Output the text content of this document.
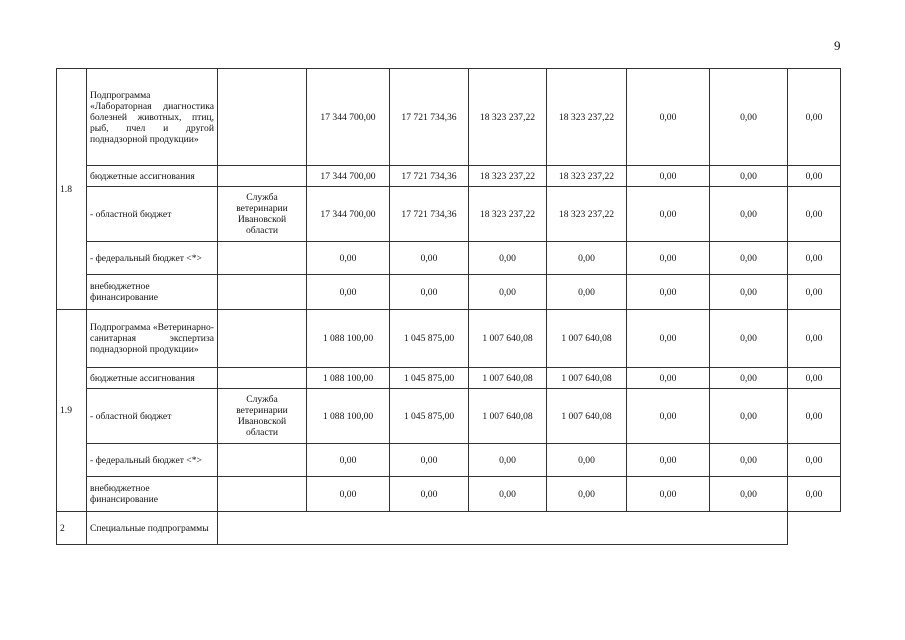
9
1.8	Подпрограмма «Лабораторная диагностика болезней животных, птиц, рыб, пчел и другой поднадзорной продукции»		17 344 700,00	17 721 734,36	18 323 237,22	18 323 237,22	0,00	0,00	0,00
	бюджетные ассигнования		17 344 700,00	17 721 734,36	18 323 237,22	18 323 237,22	0,00	0,00	0,00
	- областной бюджет	Служба ветеринарии Ивановской области	17 344 700,00	17 721 734,36	18 323 237,22	18 323 237,22	0,00	0,00	0,00
	- федеральный бюджет <*>		0,00	0,00	0,00	0,00	0,00	0,00	0,00
	внебюджетное финансирование		0,00	0,00	0,00	0,00	0,00	0,00	0,00
1.9	Подпрограмма «Ветеринарно-санитарная экспертиза поднадзорной продукции»		1 088 100,00	1 045 875,00	1 007 640,08	1 007 640,08	0,00	0,00	0,00
	бюджетные ассигнования		1 088 100,00	1 045 875,00	1 007 640,08	1 007 640,08	0,00	0,00	0,00
	- областной бюджет	Служба ветеринарии Ивановской области	1 088 100,00	1 045 875,00	1 007 640,08	1 007 640,08	0,00	0,00	0,00
	- федеральный бюджет <*>		0,00	0,00	0,00	0,00	0,00	0,00	0,00
	внебюджетное финансирование		0,00	0,00	0,00	0,00	0,00	0,00	0,00
2	Специальные подпрограммы								
